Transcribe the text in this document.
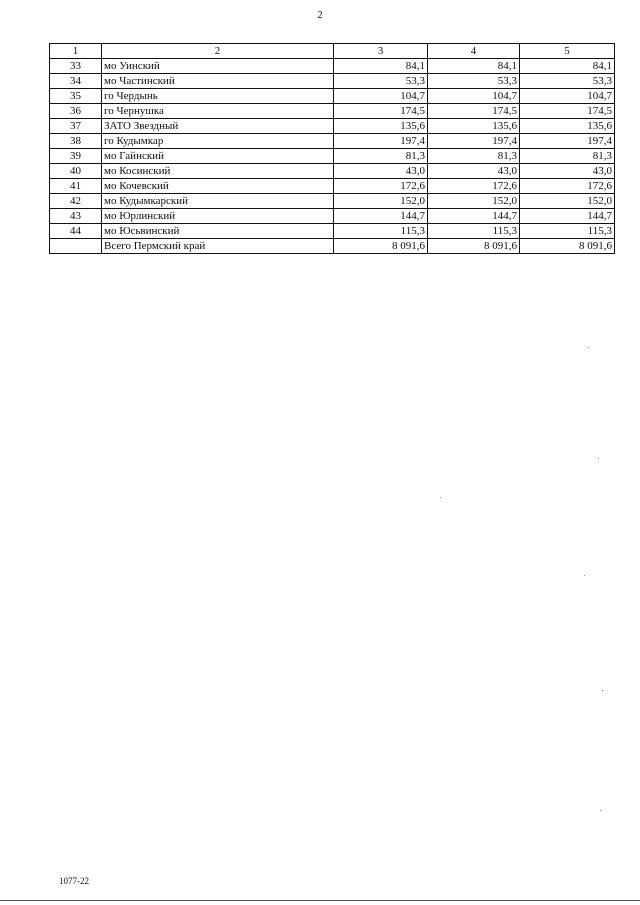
2
1	2	3	4	5
33	мо Уинский	84,1	84,1	84,1
34	мо Частинский	53,3	53,3	53,3
35	го Чердынь	104,7	104,7	104,7
36	го Чернушка	174,5	174,5	174,5
37	ЗАТО Звездный	135,6	135,6	135,6
38	го Кудымкар	197,4	197,4	197,4
39	мо Гайнский	81,3	81,3	81,3
40	мо Косинский	43,0	43,0	43,0
41	мо Кочевский	172,6	172,6	172,6
42	мо Кудымкарский	152,0	152,0	152,0
43	мо Юрлинский	144,7	144,7	144,7
44	мо Юсьвинский	115,3	115,3	115,3
	Всего Пермский край	8 091,6	8 091,6	8 091,6
1077-22
